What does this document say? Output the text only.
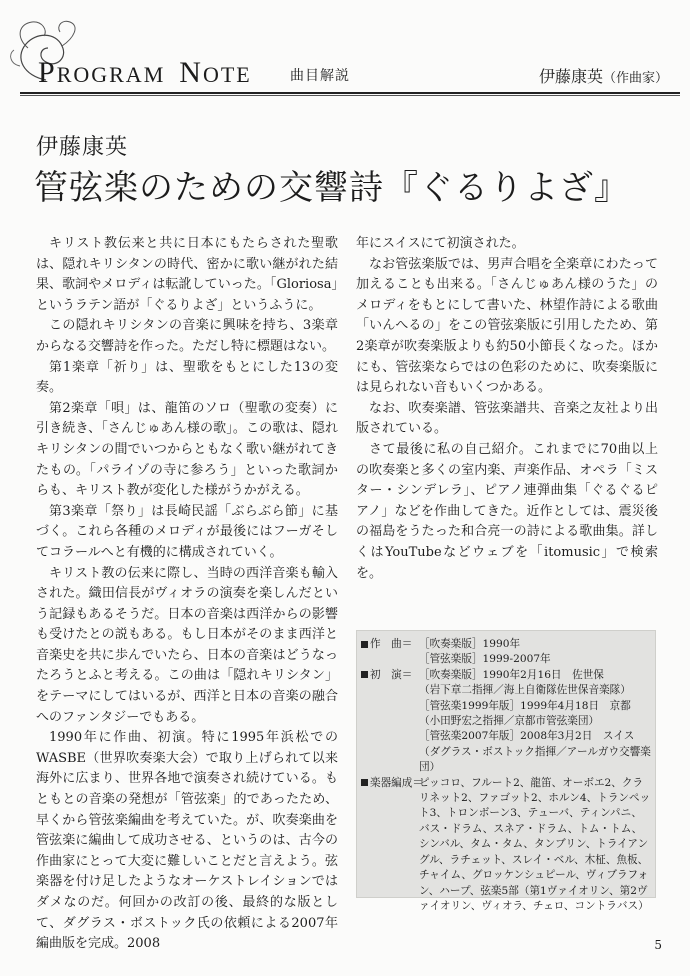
PROGRAM NOTE	曲目解説	伊藤康英（作曲家）
伊藤康英
管弦楽のための交響詩『ぐるりよざ』

キリスト教伝来と共に日本にもたらされた聖歌は、隠れキリシタンの時代、密かに歌い継がれた結果、歌詞やメロディは転訛していった。「Gloriosa」というラテン語が「ぐるりよざ」というふうに。

この隠れキリシタンの音楽に興味を持ち、3楽章からなる交響詩を作った。ただし特に標題はない。

第1楽章「祈り」は、聖歌をもとにした13の変奏。

第2楽章「唄」は、龍笛のソロ（聖歌の変奏）に引き続き、「さんじゅあん様の歌」。この歌は、隠れキリシタンの間でいつからともなく歌い継がれてきたもの。「パライゾの寺に参ろう」といった歌詞からも、キリスト教が変化した様がうかがえる。

第3楽章「祭り」は長崎民謡「ぶらぶら節」に基づく。これら各種のメロディが最後にはフーガそしてコラールへと有機的に構成されていく。

キリスト教の伝来に際し、当時の西洋音楽も輸入された。織田信長がヴィオラの演奏を楽しんだという記録もあるそうだ。日本の音楽は西洋からの影響も受けたとの説もある。もし日本がそのまま西洋と音楽史を共に歩んでいたら、日本の音楽はどうなったろうとふと考える。この曲は「隠れキリシタン」をテーマにしてはいるが、西洋と日本の音楽の融合へのファンタジーでもある。

1990年に作曲、初演。特に1995年浜松でのWASBE（世界吹奏楽大会）で取り上げられて以来海外に広まり、世界各地で演奏され続けている。もともとの音楽の発想が「管弦楽」的であったため、早くから管弦楽編曲を考えていた。が、吹奏楽曲を管弦楽に編曲して成功させる、というのは、古今の作曲家にとって大変に難しいことだと言えよう。弦楽器を付け足したようなオーケストレイションではダメなのだ。何回かの改訂の後、最終的な版として、ダグラス・ボストック氏の依頼による2007年編曲版を完成。2008

年にスイスにて初演された。

なお管弦楽版では、男声合唱を全楽章にわたって加えることも出来る。「さんじゅあん様のうた」のメロディをもとにして書いた、林望作詩による歌曲「いんへるの」をこの管弦楽版に引用したため、第2楽章が吹奏楽版よりも約50小節長くなった。ほかにも、管弦楽ならではの色彩のために、吹奏楽版には見られない音もいくつかある。

なお、吹奏楽譜、管弦楽譜共、音楽之友社より出版されている。

さて最後に私の自己紹介。これまでに70曲以上の吹奏楽と多くの室内楽、声楽作品、オペラ「ミスター・シンデレラ」、ピアノ連弾曲集「ぐるぐるピアノ」などを作曲してきた。近作としては、震災後の福島をうたった和合亮一の詩による歌曲集。詳しくはYouTubeなどウェブを「itomusic」で検索を。

作　曲＝ ［吹奏楽版］1990年
［管弦楽版］1999-2007年
初　演＝ ［吹奏楽版］1990年2月16日　佐世保
（岩下章二指揮／海上自衛隊佐世保音楽隊）
［管弦楽1999年版］1999年4月18日　京都
（小田野宏之指揮／京都市管弦楽団）
［管弦楽2007年版］2008年3月2日　スイス
（ダグラス・ボストック指揮／アールガウ交響楽団）
楽器編成＝
ピッコロ、フルート2、龍笛、オーボエ2、クラリネット2、ファゴット2、ホルン4、トランペット3、トロンボーン3、テューバ、ティンパニ、バス・ドラム、スネア・ドラム、トム・トム、シンバル、タム・タム、タンブリン、トライアングル、ラチェット、スレイ・ベル、木柾、魚板、チャイム、グロッケンシュピール、ヴィブラフォン、ハープ、弦楽5部（第1ヴァイオリン、第2ヴァイオリン、ヴィオラ、チェロ、コントラバス）
5
